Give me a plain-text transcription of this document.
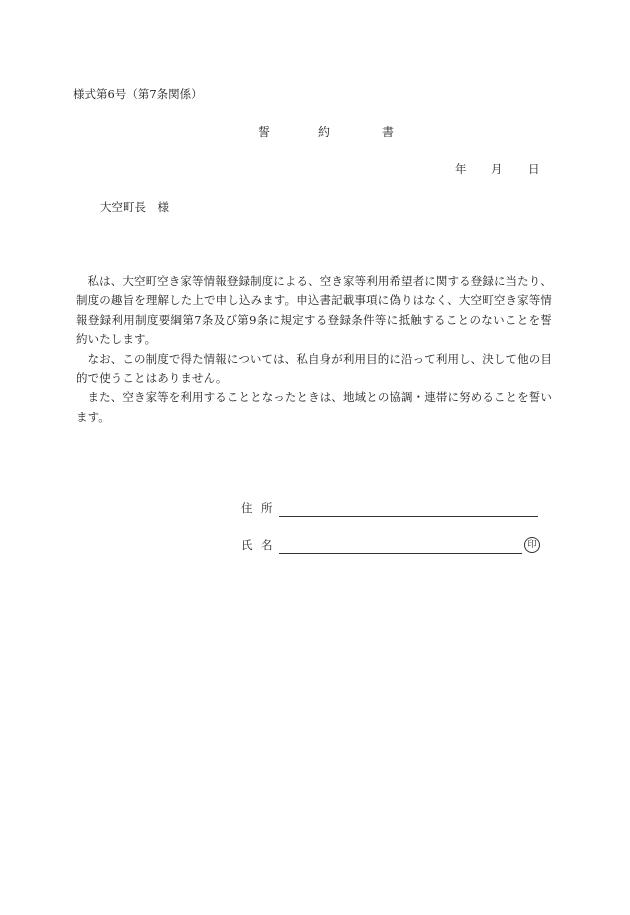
様式第6号（第7条関係）
誓	約	書
年 月 日
大空町長　様

私は、大空町空き家等情報登録制度による、空き家等利用希望者に関する登録に当たり、制度の趣旨を理解した上で申し込みます。申込書記載事項に偽りはなく、大空町空き家等情報登録利用制度要綱第7条及び第9条に規定する登録条件等に抵触することのないことを誓約いたします。

なお、この制度で得た情報については、私自身が利用目的に沿って利用し、決して他の目的で使うことはありません。

また、空き家等を利用することとなったときは、地域との協調・連帯に努めることを誓います。

住 所
氏 名	印
